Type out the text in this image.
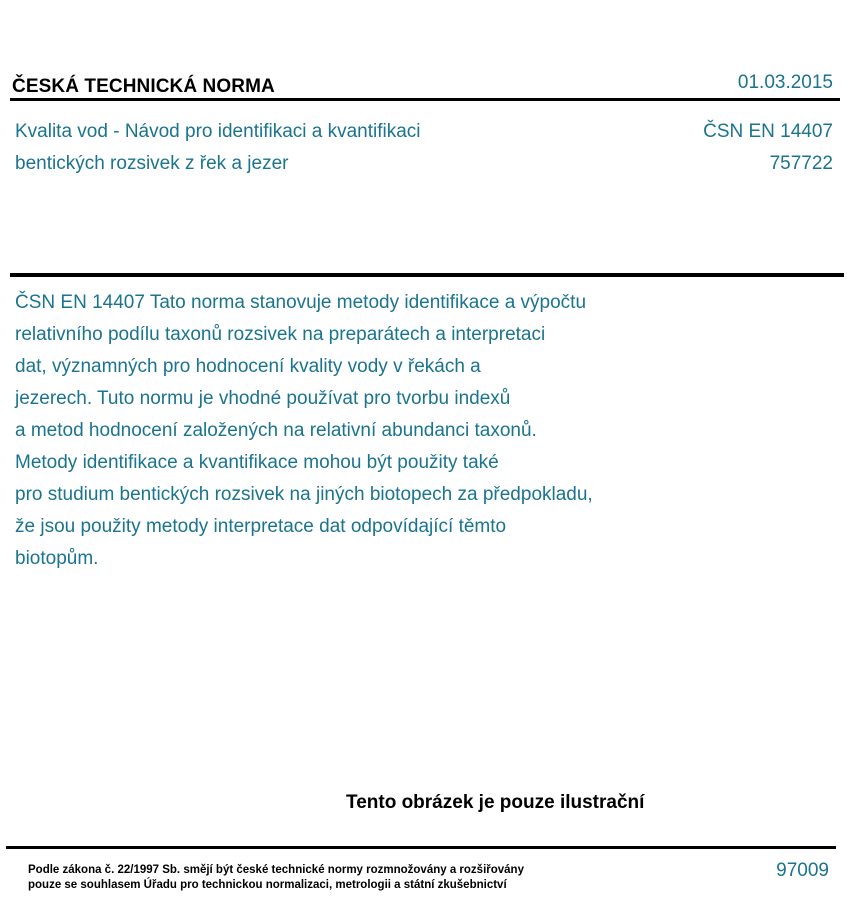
ČESKÁ TECHNICKÁ NORMA	01.03.2015
Kvalita vod - Návod pro identifikaci a kvantifikaci
bentických rozsivek z řek a jezer
ČSN EN 14407
757722
ČSN EN 14407 Tato norma stanovuje metody identifikace a výpočtu
relativního podílu taxonů rozsivek na preparátech a interpretaci
dat, významných pro hodnocení kvality vody v řekách a
jezerech. Tuto normu je vhodné používat pro tvorbu indexů
a metod hodnocení založených na relativní abundanci taxonů.
Metody identifikace a kvantifikace mohou být použity také
pro studium bentických rozsivek na jiných biotopech za předpokladu,
že jsou použity metody interpretace dat odpovídající těmto
biotopům.
Tento obrázek je pouze ilustrační
Podle zákona č. 22/1997 Sb. smějí být české technické normy rozmnožovány a rozšiřovány
pouze se souhlasem Úřadu pro technickou normalizaci, metrologii a státní zkušebnictví
97009
